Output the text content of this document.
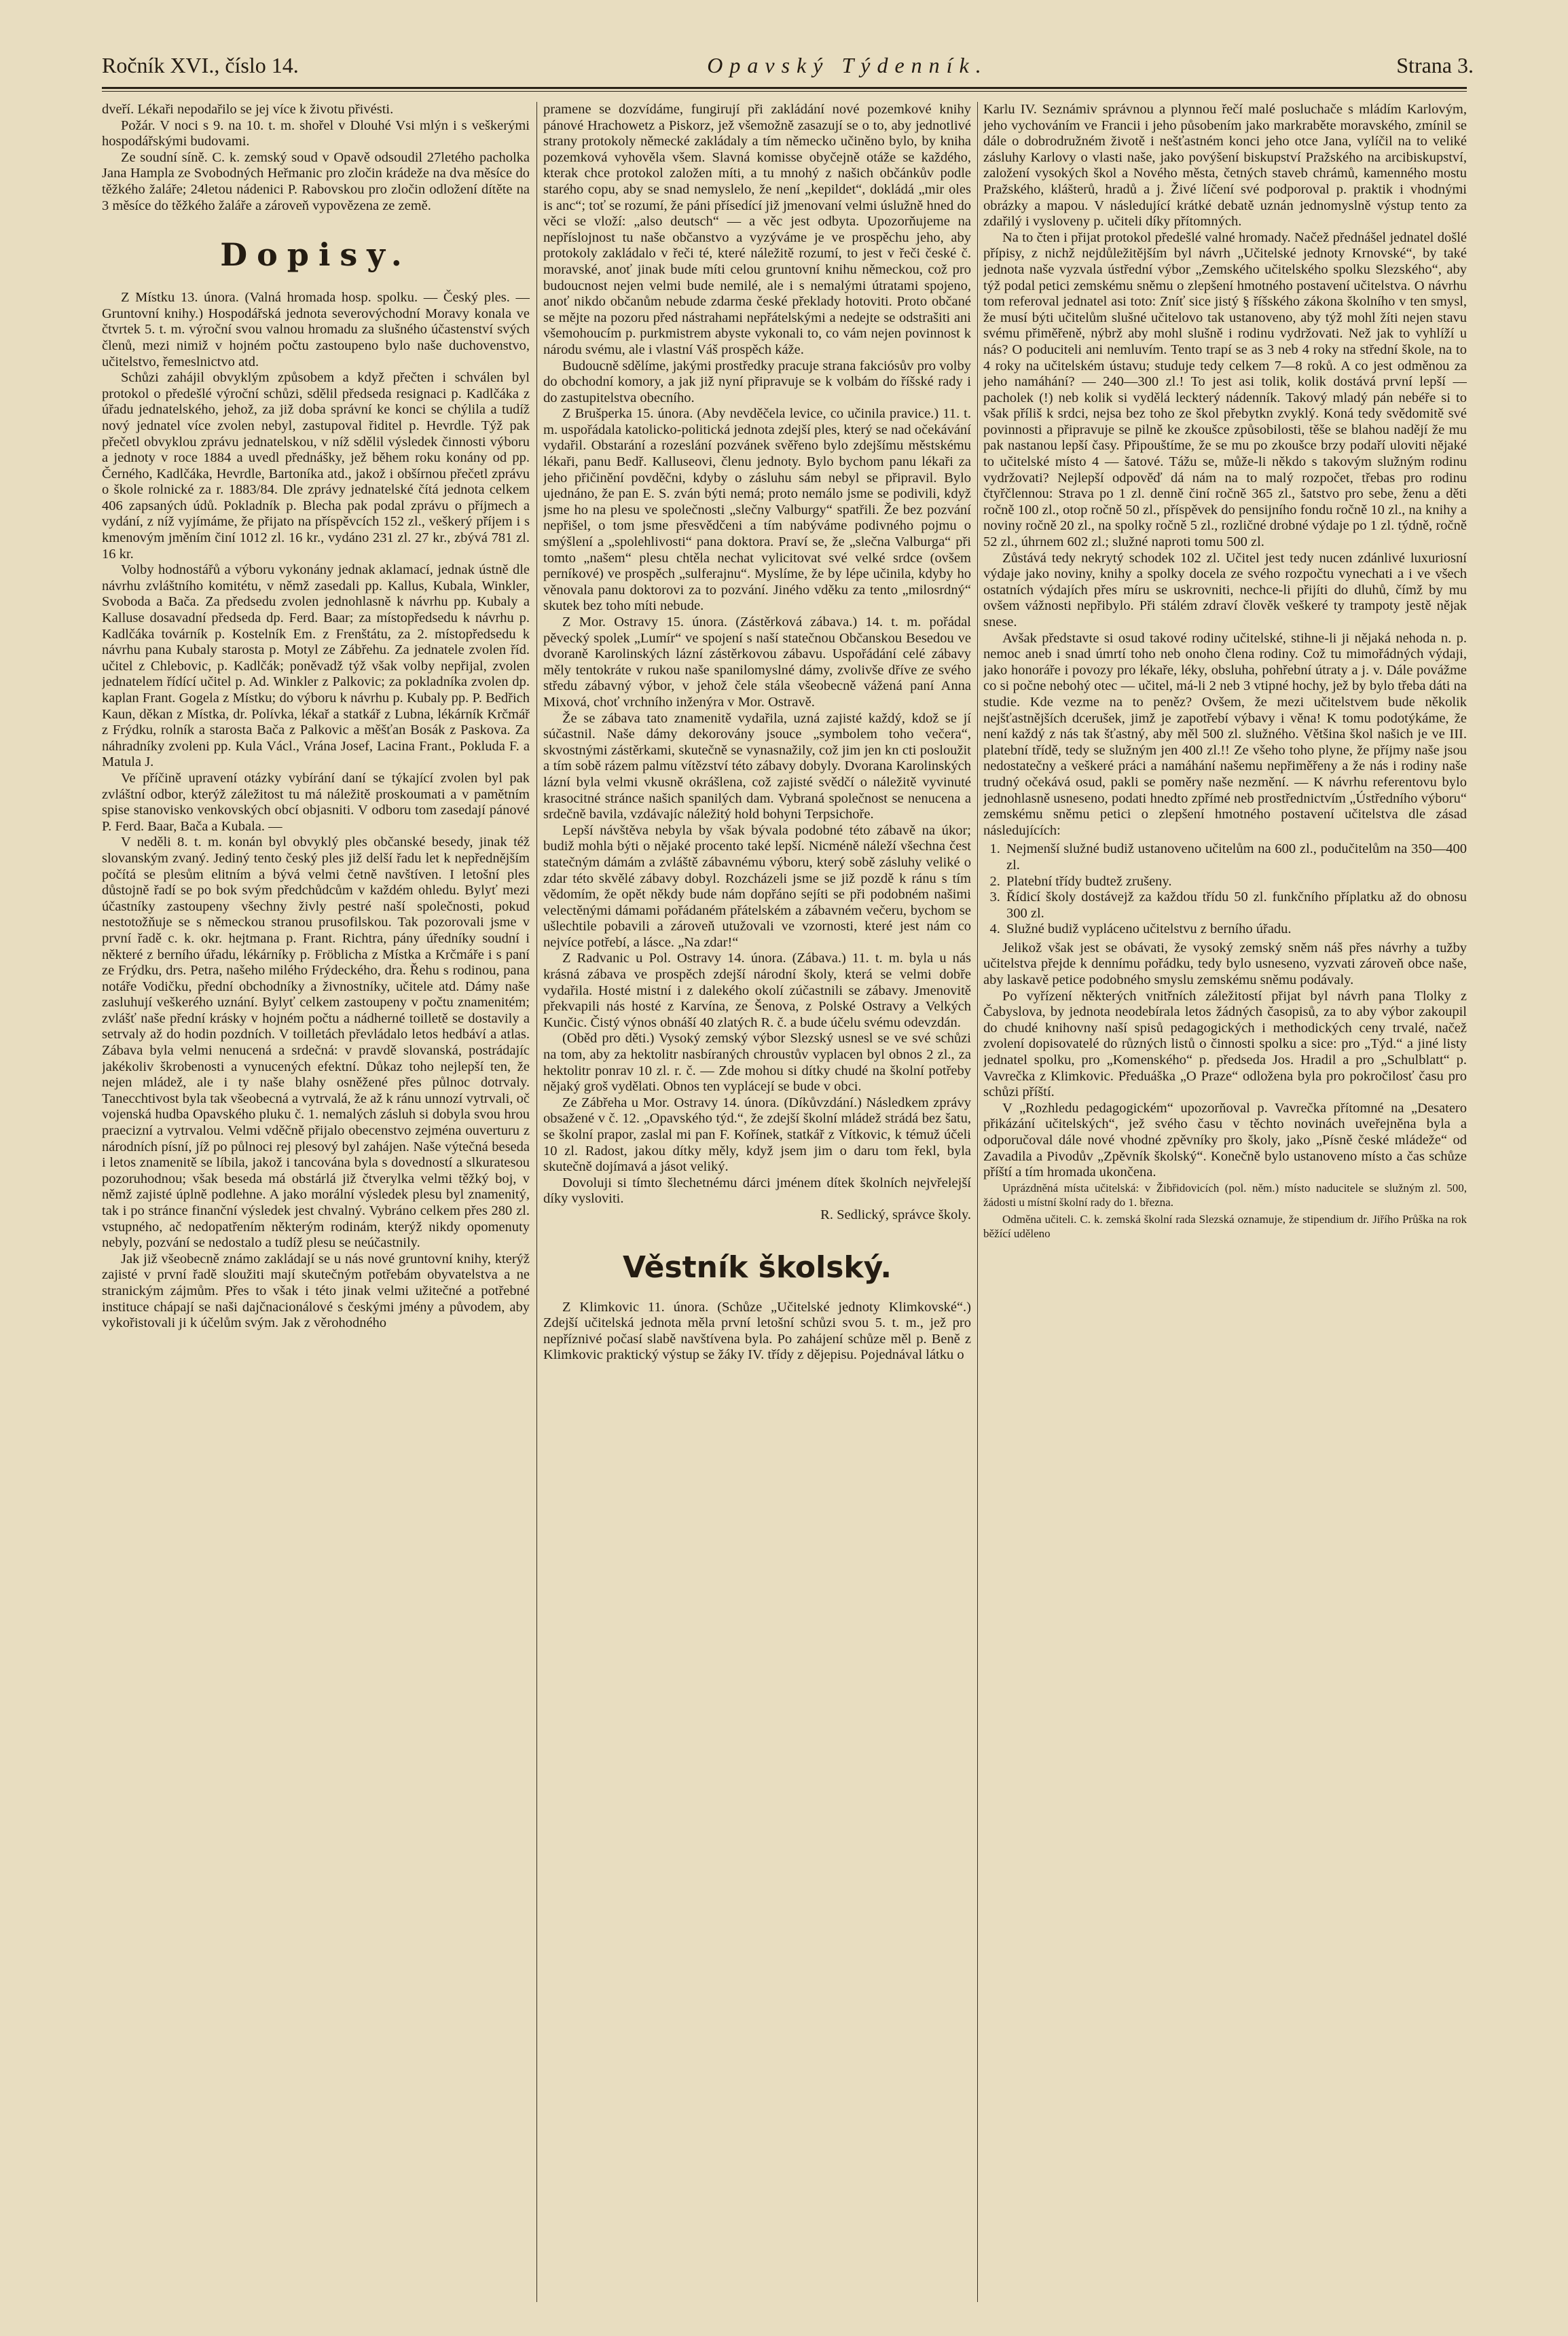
Ročník XVI., číslo 14.	Opavský Týdenník.	Strana 3.

dveří. Lékaři nepodařilo se jej více k životu přivésti.

Požár. V noci s 9. na 10. t. m. shořel v Dlouhé Vsi mlýn i s veškerými hospodářskými budovami.

Ze soudní síně. C. k. zemský soud v Opavě odsoudil 27letého pacholka Jana Hampla ze Svobodných Heřmanic pro zločin krádeže na dva měsíce do těžkého žaláře; 24letou nádenici P. Rabovskou pro zločin odložení dítěte na 3 měsíce do těžkého žaláře a zároveň vypovězena ze země.

Dopisy.

Z Místku 13. února. (Valná hromada hosp. spolku. — Český ples. — Gruntovní knihy.) Hospodářská jednota severovýchodní Moravy konala ve čtvrtek 5. t. m. výroční svou valnou hromadu za slušného účastenství svých členů, mezi nimiž v hojném počtu zastoupeno bylo naše duchovenstvo, učitelstvo, řemeslnictvo atd.

Schůzi zahájil obvyklým způsobem a když přečten i schválen byl protokol o předešlé výroční schůzi, sdělil předseda resignaci p. Kadlčáka z úřadu jednatelského, jehož, za již doba správní ke konci se chýlila a tudíž nový jednatel více zvolen nebyl, zastupoval řiditel p. Hevrdle. Týž pak přečetl obvyklou zprávu jednatelskou, v níž sdělil výsledek činnosti výboru a jednoty v roce 1884 a uvedl přednášky, jež během roku konány od pp. Černého, Kadlčáka, Hevrdle, Bartoníka atd., jakož i obšírnou přečetl zprávu o škole rolnické za r. 1883/84. Dle zprávy jednatelské čítá jednota celkem 406 zapsaných údů. Pokladník p. Blecha pak podal zprávu o příjmech a vydání, z níž vyjímáme, že přijato na příspěvcích 152 zl., veškerý příjem i s kmenovým jměním činí 1012 zl. 16 kr., vydáno 231 zl. 27 kr., zbývá 781 zl. 16 kr.

Volby hodnostářů a výboru vykonány jednak aklamací, jednak ústně dle návrhu zvláštního komitétu, v němž zasedali pp. Kallus, Kubala, Winkler, Svoboda a Bača. Za předsedu zvolen jednohlasně k návrhu pp. Kubaly a Kalluse dosavadní předseda dp. Ferd. Baar; za místopředsedu k návrhu p. Kadlčáka továrník p. Kostelník Em. z Frenštátu, za 2. místopředsedu k návrhu pana Kubaly starosta p. Motyl ze Zábřehu. Za jednatele zvolen říd. učitel z Chlebovic, p. Kadlčák; poněvadž týž však volby nepřijal, zvolen jednatelem řídící učitel p. Ad. Winkler z Palkovic; za pokladníka zvolen dp. kaplan Frant. Gogela z Místku; do výboru k návrhu p. Kubaly pp. P. Bedřich Kaun, děkan z Místka, dr. Polívka, lékař a statkář z Lubna, lékárník Krčmář z Frýdku, rolník a starosta Bača z Palkovic a měšťan Bosák z Paskova. Za náhradníky zvoleni pp. Kula Václ., Vrána Josef, Lacina Frant., Pokluda F. a Matula J.

Ve příčině upravení otázky vybírání daní se týkající zvolen byl pak zvláštní odbor, kterýž záležitost tu má náležitě proskoumati a v pamětním spise stanovisko venkovských obcí objasniti. V odboru tom zasedají pánové P. Ferd. Baar, Bača a Kubala. —

V neděli 8. t. m. konán byl obvyklý ples občanské besedy, jinak též slovanským zvaný. Jediný tento český ples již delší řadu let k nepřednějším počítá se plesům elitním a bývá velmi četně navštíven. I letošní ples důstojně řadí se po bok svým předchůdcům v každém ohledu. Bylyť mezi účastníky zastoupeny všechny živly pestré naší společnosti, pokud nestotožňuje se s německou stranou prusofilskou. Tak pozorovali jsme v první řadě c. k. okr. hejtmana p. Frant. Richtra, pány úředníky soudní i některé z berního úřadu, lékárníky p. Fröblicha z Místka a Krčmáře i s paní ze Frýdku, drs. Petra, našeho milého Frýdeckého, dra. Řehu s rodinou, pana notáře Vodičku, přední obchodníky a živnostníky, učitele atd. Dámy naše zasluhují veškerého uznání. Bylyť celkem zastoupeny v počtu znamenitém; zvlášť naše přední krásky v hojném počtu a nádherné toilletě se dostavily a setrvaly až do hodin pozdních. V toilletách převládalo letos hedbáví a atlas. Zábava byla velmi nenucená a srdečná: v pravdě slovanská, postrádajíc jakékoliv škrobenosti a vynucených efektní. Důkaz toho nejlepší ten, že nejen mládež, ale i ty naše blahy osněžené přes půlnoc dotrvaly. Tanecchtivost byla tak všeobecná a vytrvalá, že až k ránu unnozí vytrvali, oč vojenská hudba Opavského pluku č. 1. nemalých zásluh si dobyla svou hrou praecizní a vytrvalou. Velmi vděčně přijalo obecenstvo zejména ouverturu z národních písní, jíž po půlnoci rej plesový byl zahájen. Naše výtečná beseda i letos znamenitě se líbila, jakož i tancována byla s dovedností a slkuratesou pozoruhodnou; však beseda má obstárlá již čtverylka velmi těžký boj, v němž zajisté úplně podlehne. A jako morální výsledek plesu byl znamenitý, tak i po stránce finanční výsledek jest chvalný. Vybráno celkem přes 280 zl. vstupného, ač nedopatřením některým rodinám, kterýž nikdy opomenuty nebyly, pozvání se nedostalo a tudíž plesu se neúčastnily.

Jak již všeobecně známo zakládají se u nás nové gruntovní knihy, kterýž zajisté v první řadě sloužiti mají skutečným potřebám obyvatelstva a ne stranickým zájmům. Přes to však i této jinak velmi užitečné a potřebné instituce chápají se naši dajčnacionálové s českými jmény a původem, aby vykořistovali ji k účelům svým. Jak z věrohodného

pramene se dozvídáme, fungirují při zakládání nové pozemkové knihy pánové Hrachowetz a Piskorz, jež všemožně zasazují se o to, aby jednotlivé strany protokoly německé zakládaly a tím německo učiněno bylo, by kniha pozemková vyhověla všem. Slavná komisse obyčejně otáže se každého, kterak chce protokol založen míti, a tu mnohý z našich občánkův podle starého copu, aby se snad nemyslelo, že není „kepildet“, dokládá „mir oles is anc“; toť se rozumí, že páni přísedící již jmenovaní velmi úslužně hned do věci se vloží: „also deutsch“ — a věc jest odbyta. Upozorňujeme na nepříslojnost tu naše občanstvo a vyzýváme je ve prospěchu jeho, aby protokoly zakládalo v řeči té, které náležitě rozumí, to jest v řeči české č. moravské, anoť jinak bude míti celou gruntovní knihu německou, což pro budoucnost nejen velmi bude nemilé, ale i s nemalými útratami spojeno, anoť nikdo občanům nebude zdarma české překlady hotoviti. Proto občané se mějte na pozoru před nástrahami nepřátelskými a nedejte se odstrašiti ani všemohoucím p. purkmistrem abyste vykonali to, co vám nejen povinnost k národu svému, ale i vlastní Váš prospěch káže.

Budoucně sdělíme, jakými prostředky pracuje strana fakciósův pro volby do obchodní komory, a jak již nyní připravuje se k volbám do říšské rady i do zastupitelstva obecního.

Z Brušperka 15. února. (Aby nevděčela levice, co učinila pravice.) 11. t. m. uspořádala katolicko-politická jednota zdejší ples, který se nad očekávání vydařil. Obstarání a rozeslání pozvánek svěřeno bylo zdejšímu městskému lékaři, panu Bedř. Kalluseovi, členu jednoty. Bylo bychom panu lékaři za jeho přičinění povděčni, kdyby o zásluhu sám nebyl se připravil. Bylo ujednáno, že pan E. S. zván býti nemá; proto nemálo jsme se podivili, když jsme ho na plesu ve společnosti „slečny Valburgy“ spatřili. Že bez pozvání nepřišel, o tom jsme přesvědčeni a tím nabýváme podivného pojmu o smýšlení a „spolehlivosti“ pana doktora. Praví se, že „slečna Valburga“ při tomto „našem“ plesu chtěla nechat vylicitovat své velké srdce (ovšem perníkové) ve prospěch „sulferajnu“. Myslíme, že by lépe učinila, kdyby ho věnovala panu doktorovi za to pozvání. Jiného vděku za tento „milosrdný“ skutek bez toho míti nebude.

Z Mor. Ostravy 15. února. (Zástěrková zábava.) 14. t. m. pořádal pěvecký spolek „Lumír“ ve spojení s naší statečnou Občanskou Besedou ve dvoraně Karolinských lázní zástěrkovou zábavu. Uspořádání celé zábavy měly tentokráte v rukou naše spanilomyslné dámy, zvolivše dříve ze svého středu zábavný výbor, v jehož čele stála všeobecně vážená paní Anna Mixová, choť vrchního inženýra v Mor. Ostravě.

Že se zábava tato znamenitě vydařila, uzná zajisté každý, kdož se jí súčastnil. Naše dámy dekorovány jsouce „symbolem toho večera“, skvostnými zástěrkami, skutečně se vynasnažily, což jim jen kn cti posloužit a tím sobě rázem palmu vítězství této zábavy dobyly. Dvorana Karolinských lázní byla velmi vkusně okrášlena, což zajisté svědčí o náležitě vyvinuté krasocitné stránce našich spanilých dam. Vybraná společnost se nenucena a srdečně bavila, vzdávajíc náležitý hold bohyni Terpsichoře.

Lepší návštěva nebyla by však bývala podobné této zábavě na úkor; budiž mohla býti o nějaké procento také lepší. Nicméně náleží všechna čest statečným dámám a zvláště zábavnému výboru, který sobě zásluhy veliké o zdar této skvělé zábavy dobyl. Rozcházeli jsme se již pozdě k ránu s tím vědomím, že opět někdy bude nám dopřáno sejíti se při podobném našimi velectěnými dámami pořádaném přátelském a zábavném večeru, bychom se ušlechtile pobavili a zároveň utužovali ve vzornosti, které jest nám co nejvíce potřebí, a lásce. „Na zdar!“

Z Radvanic u Pol. Ostravy 14. února. (Zábava.) 11. t. m. byla u nás krásná zábava ve prospěch zdejší národní školy, která se velmi dobře vydařila. Hosté mistní i z dalekého okolí zúčastnili se zábavy. Jmenovitě překvapili nás hosté z Karvína, ze Šenova, z Polské Ostravy a Velkých Kunčic. Čistý výnos obnáší 40 zlatých R. č. a bude účelu svému odevzdán.

(Oběd pro děti.) Vysoký zemský výbor Slezský usnesl se ve své schůzi na tom, aby za hektolitr nasbíraných chroustův vyplacen byl obnos 2 zl., za hektolitr ponrav 10 zl. r. č. — Zde mohou si dítky chudé na školní potřeby nějaký groš vydělati. Obnos ten vyplácejí se bude v obci.

Ze Zábřeha u Mor. Ostravy 14. února. (Díkůvzdání.) Následkem zprávy obsažené v č. 12. „Opavského týd.“, že zdejší školní mládež strádá bez šatu, se školní prapor, zaslal mi pan F. Kořínek, statkář z Vítkovic, k témuž účeli 10 zl. Radost, jakou dítky měly, když jsem jim o daru tom řekl, byla skutečně dojímavá a jásot veliký.

Dovoluji si tímto šlechetnému dárci jménem dítek školních nejvřelejší díky vysloviti.

R. Sedlický, správce školy.

Věstník školský.

Z Klimkovic 11. února. (Schůze „Učitelské jednoty Klimkovské“.) Zdejší učitelská jednota měla první letošní schůzi svou 5. t. m., jež pro nepříznivé počasí slabě navštívena byla. Po zahájení schůze měl p. Beně z Klimkovic praktický výstup se žáky IV. třídy z dějepisu. Pojednával látku o

Karlu IV. Seznámiv správnou a plynnou řečí malé posluchače s mládím Karlovým, jeho vychováním ve Francii i jeho působením jako markraběte moravského, zmínil se dále o dobrodružném životě i nešťastném konci jeho otce Jana, vylíčil na to veliké zásluhy Karlovy o vlasti naše, jako povýšení biskupství Pražského na arcibiskupství, založení vysokých škol a Nového města, četných staveb chrámů, kamenného mostu Pražského, klášterů, hradů a j. Živé líčení své podporoval p. praktik i vhodnými obrázky a mapou. V následující krátké debatě uznán jednomyslně výstup tento za zdařilý i vysloveny p. učiteli díky přítomných.

Na to čten i přijat protokol předešlé valné hromady. Načež přednášel jednatel došlé přípisy, z nichž nejdůležitějším byl návrh „Učitelské jednoty Krnovské“, by také jednota naše vyzvala ústřední výbor „Zemského učitelského spolku Slezského“, aby týž podal petici zemskému sněmu o zlepšení hmotného postavení učitelstva. O návrhu tom referoval jednatel asi toto: Zníť sice jistý § říšského zákona školního v ten smysl, že musí býti učitelům slušné učitelovo tak ustanoveno, aby týž mohl žíti nejen stavu svému přiměřeně, nýbrž aby mohl slušně i rodinu vydržovati. Než jak to vyhlíží u nás? O poduciteli ani nemluvím. Tento trapí se as 3 neb 4 roky na střední škole, na to 4 roky na učitelském ústavu; studuje tedy celkem 7—8 roků. A co jest odměnou za jeho namáhání? — 240—300 zl.! To jest asi tolik, kolik dostává první lepší — pacholek (!) neb kolik si vydělá leckterý nádenník. Takový mladý pán nebéře si to však příliš k srdci, nejsa bez toho ze škol přebytkn zvyklý. Koná tedy svědomitě své povinnosti a připravuje se pilně ke zkoušce způsobilosti, těše se blahou nadějí že mu pak nastanou lepší časy. Připouštíme, že se mu po zkoušce brzy podaří uloviti nějaké to učitelské místo 4 — šatové. Tážu se, může-li někdo s takovým služným rodinu vydržovati? Nejlepší odpověď dá nám na to malý rozpočet, třebas pro rodinu čtyřčlennou: Strava po 1 zl. denně činí ročně 365 zl., šatstvo pro sebe, ženu a děti ročně 100 zl., otop ročně 50 zl., příspěvek do pensijního fondu ročně 10 zl., na knihy a noviny ročně 20 zl., na spolky ročně 5 zl., rozličné drobné výdaje po 1 zl. týdně, ročně 52 zl., úhrnem 602 zl.; služné naproti tomu 500 zl.

Zůstává tedy nekrytý schodek 102 zl. Učitel jest tedy nucen zdánlivé luxuriosní výdaje jako noviny, knihy a spolky docela ze svého rozpočtu vynechati a i ve všech ostatních výdajích přes míru se uskrovniti, nechce-li přijíti do dluhů, čímž by mu ovšem vážnosti nepřibylo. Při stálém zdraví člověk veškeré ty trampoty jestě nějak snese.

Avšak představte si osud takové rodiny učitelské, stihne-li ji nějaká nehoda n. p. nemoc aneb i snad úmrtí toho neb onoho člena rodiny. Což tu mimořádných výdaji, jako honoráře i povozy pro lékaře, léky, obsluha, pohřební útraty a j. v. Dále povážme co si počne nebohý otec — učitel, má-li 2 neb 3 vtipné hochy, jež by bylo třeba dáti na studie. Kde vezme na to peněz? Ovšem, že mezi učitelstvem bude několik nejšťastnějších dcerušek, jimž je zapotřebí výbavy i věna! K tomu podotýkáme, že není každý z nás tak šťastný, aby měl 500 zl. služného. Většina škol našich je ve III. platební třídě, tedy se služným jen 400 zl.!! Ze všeho toho plyne, že příjmy naše jsou nedostatečny a veškeré práci a namáhání našemu nepřiměřeny a že nás i rodiny naše trudný očekává osud, pakli se poměry naše nezmění. — K návrhu referentovu bylo jednohlasně usneseno, podati hnedto zpřímé neb prostřednictvím „Ústředního výboru“ zemskému sněmu petici o zlepšení hmotného postavení učitelstva dle zásad následujících:

1. Nejmenší služné budiž ustanoveno učitelům na 600 zl., podučitelům na 350—400 zl.
2. Platební třídy budtež zrušeny.
3. Řídicí školy dostávejž za každou třídu 50 zl. funkčního příplatku až do obnosu 300 zl.
4. Služné budiž vypláceno učitelstvu z berního úřadu.

Jelikož však jest se obávati, že vysoký zemský sněm náš přes návrhy a tužby učitelstva přejde k dennímu pořádku, tedy bylo usneseno, vyzvati zároveň obce naše, aby laskavě petice podobného smyslu zemskému sněmu podávaly.

Po vyřízení některých vnitřních záležitostí přijat byl návrh pana Tlolky z Čabyslova, by jednota neodebírala letos žádných časopisů, za to aby výbor zakoupil do chudé knihovny naší spisů pedagogických i methodických ceny trvalé, načež zvolení dopisovatelé do různých listů o činnosti spolku a sice: pro „Týd.“ a jiné listy jednatel spolku, pro „Komenského“ p. předseda Jos. Hradil a pro „Schulblatt“ p. Vavrečka z Klimkovic. Předuáška „O Praze“ odložena byla pro pokročilosť času pro schůzi příští.

V „Rozhledu pedagogickém“ upozorňoval p. Vavrečka přítomné na „Desatero přikázání učitelských“, jež svého času v těchto novinách uveřejněna byla a odporučoval dále nové vhodné zpěvníky pro školy, jako „Písně české mládeže“ od Zavadila a Pivodův „Zpěvník školský“. Konečně bylo ustanoveno místo a čas schůze příští a tím hromada ukončena.

Uprázdněná místa učitelská: v Žibřidovicích (pol. něm.) místo naducitele se služným zl. 500, žádosti u místní školní rady do 1. března.

Odměna učiteli. C. k. zemská školní rada Slezská oznamuje, že stipendium dr. Jiřího Průška na rok běžící udělenо
